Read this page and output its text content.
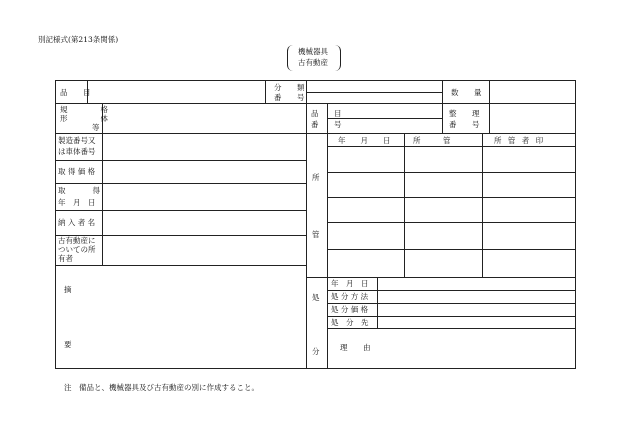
別記様式(第213条関係)
機械器具
古有動産
品　目
分　類
番　号
数　量
規　　格
形　　体
等
品　目
番　号
整　理
番　号
製造番号又
は車体番号
取 得 価 格
取　　得
年　月　日
納 入 者 名
古有動産に
ついての所
有者
摘
要
所
管
年　　月　　日	所　　　管	所 管 者 印
処
分
年　月　日
処 分 方 法
処 分 価 格
処　分　先
理　由
注　備品と、機械器具及び古有動産の別に作成すること。
